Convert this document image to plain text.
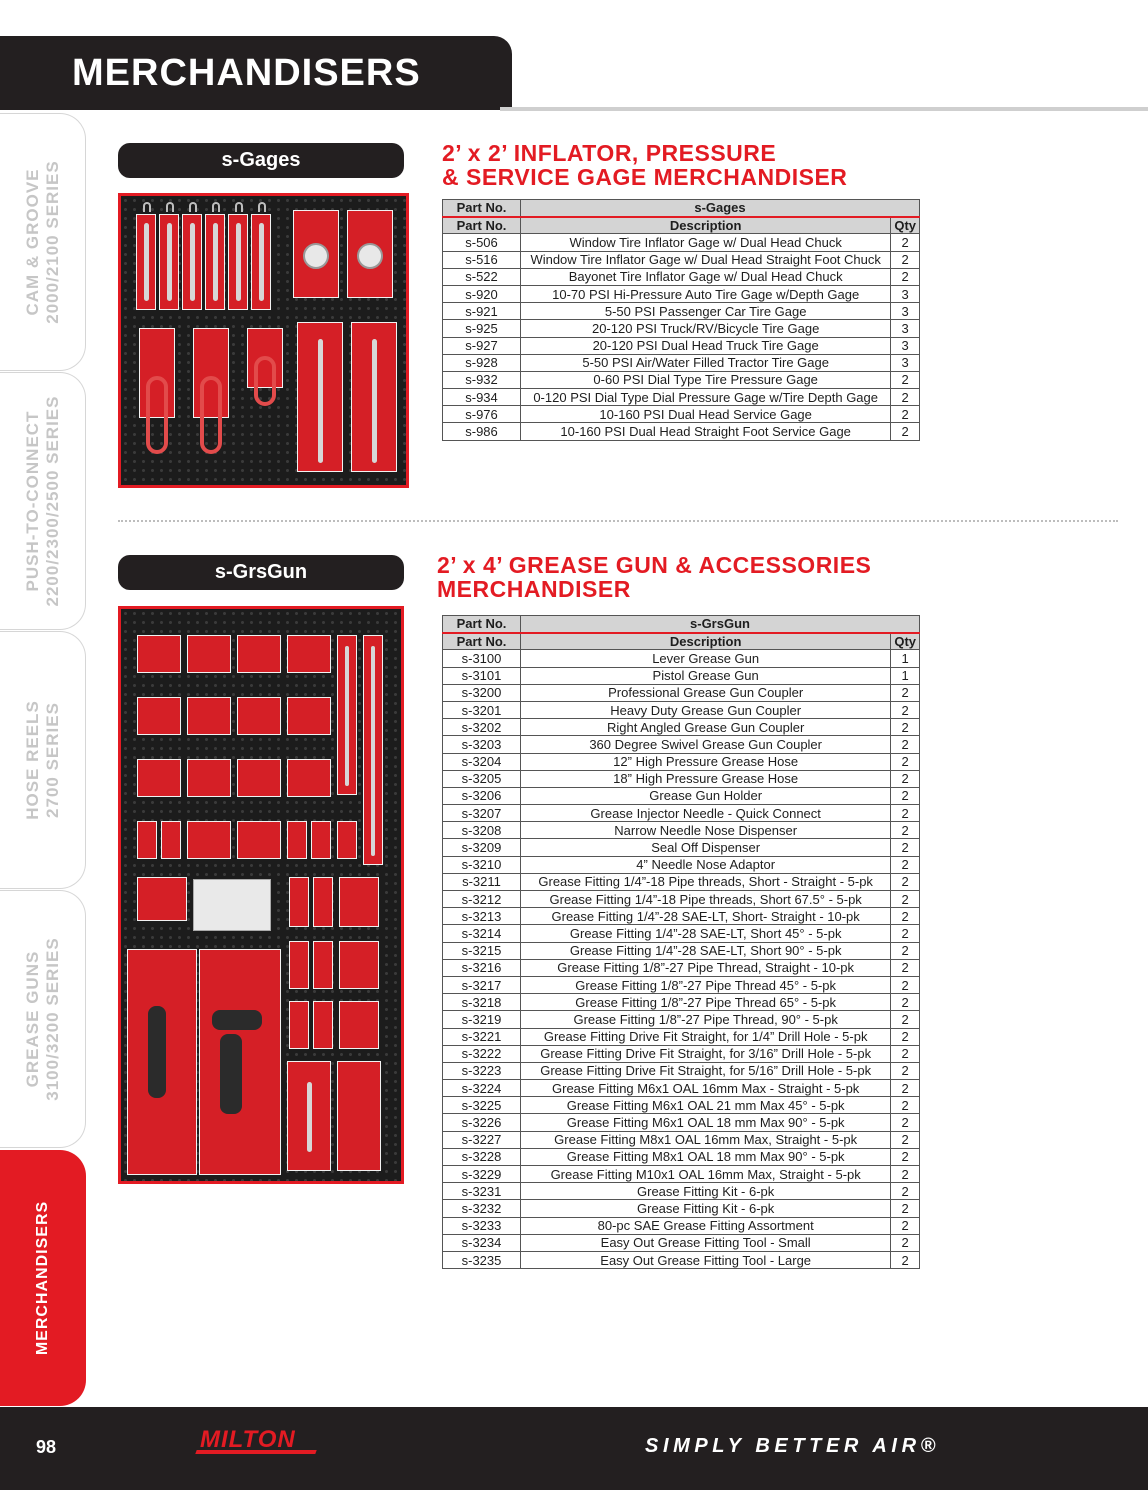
MERCHANDISERS
CAM & GROOVE 2000/2100 SERIES
PUSH-TO-CONNECT 2200/2300/2500 SERIES
HOSE REELS 2700 SERIES
GREASE GUNS 3100/3200 SERIES
MERCHANDISERS
s-Gages	2’ x 2’ INFLATOR, PRESSURE
& SERVICE GAGE MERCHANDISER
Part No.	s-Gages	
Part No.	Description	Qty
s-506	Window Tire Inflator Gage w/ Dual Head Chuck	2
s-516	Window Tire Inflator Gage w/ Dual Head Straight Foot Chuck	2
s-522	Bayonet Tire Inflator Gage w/ Dual Head Chuck	2
s-920	10-70 PSI Hi-Pressure Auto Tire Gage w/Depth Gage	3
s-921	5-50 PSI Passenger Car Tire Gage	3
s-925	20-120 PSI Truck/RV/Bicycle Tire Gage	3
s-927	20-120 PSI Dual Head Truck Tire Gage	3
s-928	5-50 PSI Air/Water Filled Tractor Tire Gage	3
s-932	0-60 PSI Dial Type Tire Pressure Gage	2
s-934	0-120 PSI Dial Type Dial Pressure Gage w/Tire Depth Gage	2
s-976	10-160 PSI Dual Head Service Gage	2
s-986	10-160 PSI Dual Head Straight Foot Service Gage	2
s-GrsGun	2’ x 4’ GREASE GUN & ACCESSORIES
MERCHANDISER
Part No.	s-GrsGun	
Part No.	Description	Qty
s-3100	Lever Grease Gun	1
s-3101	Pistol Grease Gun	1
s-3200	Professional Grease Gun Coupler	2
s-3201	Heavy Duty Grease Gun Coupler	2
s-3202	Right Angled Grease Gun Coupler	2
s-3203	360 Degree Swivel Grease Gun Coupler	2
s-3204	12” High Pressure Grease Hose	2
s-3205	18” High Pressure Grease Hose	2
s-3206	Grease Gun Holder	2
s-3207	Grease Injector Needle - Quick Connect	2
s-3208	Narrow Needle Nose Dispenser	2
s-3209	Seal Off Dispenser	2
s-3210	4” Needle Nose Adaptor	2
s-3211	Grease Fitting 1/4”-18 Pipe threads, Short - Straight - 5-pk	2
s-3212	Grease Fitting 1/4”-18 Pipe threads, Short 67.5° - 5-pk	2
s-3213	Grease Fitting 1/4”-28 SAE-LT, Short- Straight - 10-pk	2
s-3214	Grease Fitting 1/4”-28 SAE-LT, Short 45° - 5-pk	2
s-3215	Grease Fitting 1/4”-28 SAE-LT, Short 90° - 5-pk	2
s-3216	Grease Fitting 1/8”-27 Pipe Thread, Straight - 10-pk	2
s-3217	Grease Fitting 1/8”-27 Pipe Thread 45° - 5-pk	2
s-3218	Grease Fitting 1/8”-27 Pipe Thread 65° - 5-pk	2
s-3219	Grease Fitting 1/8”-27 Pipe Thread, 90° - 5-pk	2
s-3221	Grease Fitting Drive Fit Straight, for 1/4” Drill Hole - 5-pk	2
s-3222	Grease Fitting Drive Fit Straight, for 3/16” Drill Hole - 5-pk	2
s-3223	Grease Fitting Drive Fit Straight, for 5/16” Drill Hole - 5-pk	2
s-3224	Grease Fitting M6x1 OAL 16mm Max - Straight - 5-pk	2
s-3225	Grease Fitting M6x1 OAL 21 mm Max 45° - 5-pk	2
s-3226	Grease Fitting M6x1 OAL 18 mm Max 90° - 5-pk	2
s-3227	Grease Fitting M8x1 OAL 16mm Max, Straight - 5-pk	2
s-3228	Grease Fitting M8x1 OAL 18 mm Max 90° - 5-pk	2
s-3229	Grease Fitting M10x1 OAL 16mm Max, Straight - 5-pk	2
s-3231	Grease Fitting Kit - 6-pk	2
s-3232	Grease Fitting Kit - 6-pk	2
s-3233	80-pc SAE Grease Fitting Assortment	2
s-3234	Easy Out Grease Fitting Tool - Small	2
s-3235	Easy Out Grease Fitting Tool - Large	2
98	MILTON	SIMPLY BETTER AIR®
